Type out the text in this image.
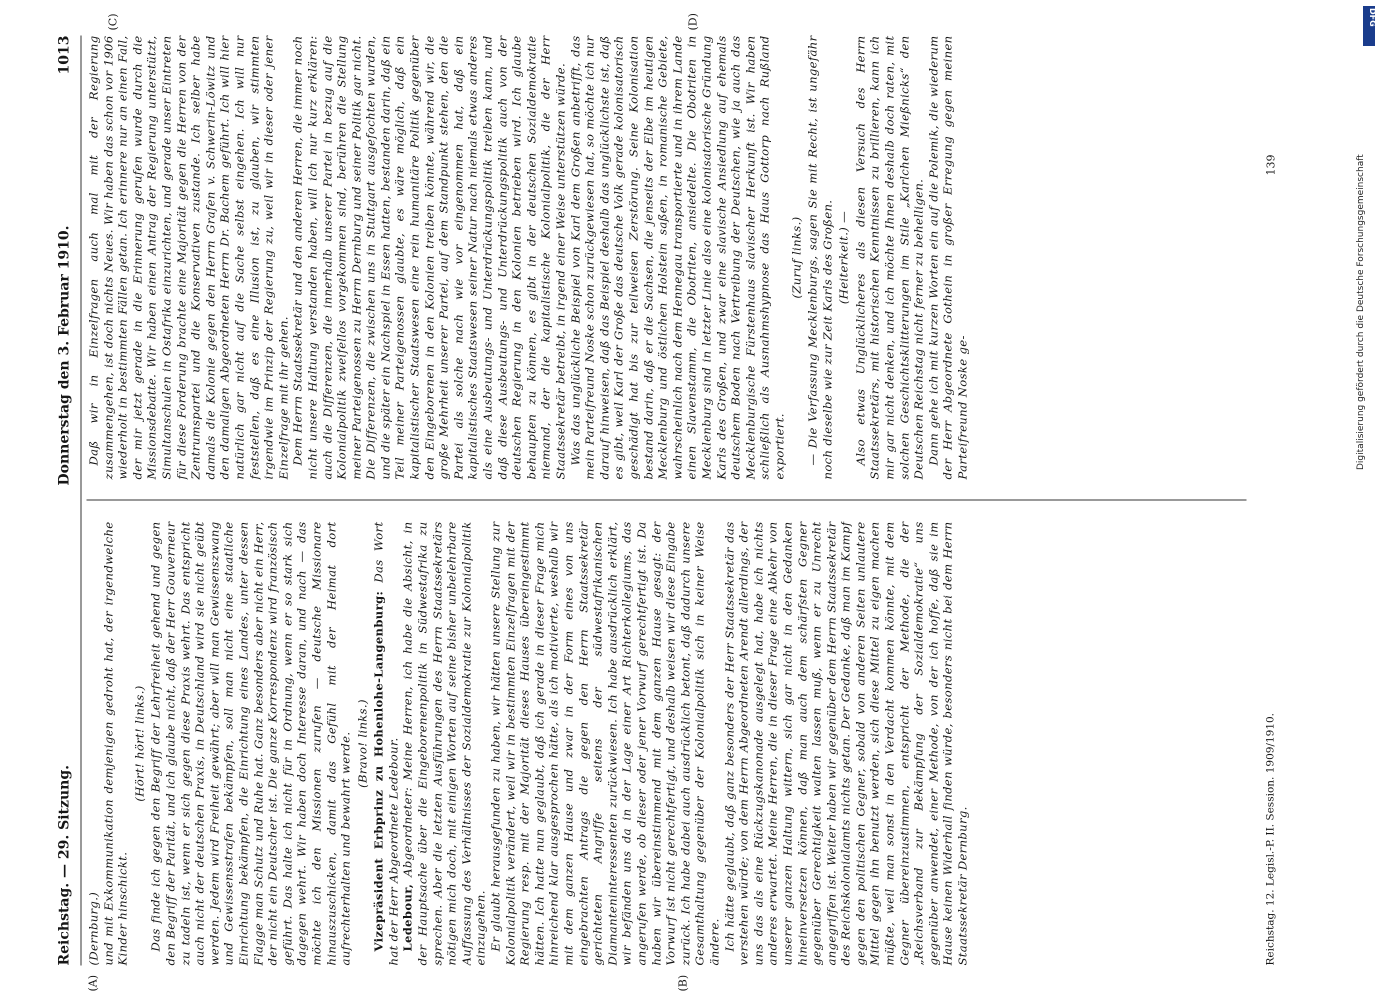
Reichstag. — 29. Sitzung.
Donnerstag den 3. Februar 1910.
1013

(Dernburg.) und mit Exkommunikation demjenigen gedroht hat, der irgendwelche Kinder hinschickt.

(Hört! hört! links.) Das finde ich gegen den Begriff der Lehrfreiheit gehend und gegen den Begriff der Parität, und ich glaube nicht, daß der Herr Gouverneur zu tadeln ist, wenn er sich gegen diese Praxis wehrt. Das entspricht auch nicht der deutschen Praxis, in Deutschland wird sie nicht geübt werden. Jedem wird Freiheit gewährt; aber will man Gewissenszwang und Gewissensstrafen bekämpfen, soll man nicht eine staatliche Einrichtung bekämpfen, die Einrichtung eines Landes, unter dessen Flagge man Schutz und Ruhe hat. Ganz besonders aber nicht ein Herr, der nicht ein Deutscher ist. Die ganze Korrespondenz wird französisch geführt. Das halte ich nicht für in Ordnung, wenn er so stark sich dagegen wehrt. Wir haben doch Interesse daran, und nach — das möchte ich den Missionen zurufen — deutsche Missionare hinauszuschicken, damit das Gefühl mit der Heimat dort aufrechterhalten und bewahrt werde. (Bravo! links.) Vizepräsident Erbprinz zu Hohenlohe-Langenburg: Das Wort hat der Herr Abgeordnete Ledebour. Ledebour, Abgeordneter: Meine Herren, ich habe die Absicht, in der Hauptsache über die Eingeborenenpolitik in Südwestafrika zu sprechen. Aber die letzten Ausführungen des Herrn Staatssekretärs nötigen mich doch, mit einigen Worten auf seine bisher unbelehrbare Auffassung des Verhältnisses der Sozialdemokratie zur Kolonialpolitik einzugehen. Er glaubt herausgefunden zu haben, wir hätten unsere Stellung zur Kolonialpolitik verändert, weil wir in bestimmten Einzelfragen mit der Regierung resp. mit der Majorität dieses Hauses übereingestimmt hätten. Ich hatte nun geglaubt, daß ich gerade in dieser Frage mich hinreichend klar ausgesprochen hätte, als ich motivierte, weshalb wir mit dem ganzen Hause und zwar in der Form eines von uns eingebrachten Antrags die gegen den Herrn Staatssekretär gerichteten Angriffe seitens der südwestafrikanischen Diamanteninteressenten zurückwiesen. Ich habe ausdrücklich erklärt, wir befänden uns da in der Lage einer Art Richterkollegiums, das angerufen werde, ob dieser oder jener Vorwurf gerechtfertigt ist. Da haben wir übereinstimmend mit dem ganzen Hause gesagt: der Vorwurf ist nicht gerechtfertigt, und deshalb weisen wir diese Eingabe zurück. Ich habe dabei auch ausdrücklich betont, daß dadurch unsere Gesamthaltung gegenüber der Kolonialpolitik sich in keiner Weise ändere. Ich hätte geglaubt, daß ganz besonders der Herr Staatssekretär das verstehen würde; von dem Herrn Abgeordneten Arendt allerdings, der uns das als eine Rückzugskanonade ausgelegt hat, habe ich nichts anderes erwartet. Meine Herren, die in dieser Frage eine Abkehr von unserer ganzen Haltung wittern, sich gar nicht in den Gedanken hineinversetzen können, daß man auch dem schärfsten Gegner gegenüber Gerechtigkeit walten lassen muß, wenn er zu Unrecht angegriffen ist. Weiter haben wir gegenüber dem Herrn Staatssekretär des Reichskolonialamts nichts getan. Der Gedanke, daß man im Kampf gegen den politischen Gegner, sobald von anderen Seiten unlautere Mittel gegen ihn benutzt werden, sich diese Mittel zu eigen machen müßte, weil man sonst in den Verdacht kommen könnte, mit dem Gegner übereinzustimmen, entspricht der Methode, die der „Reichsverband zur Bekämpfung der Sozialdemokratie“ uns gegenüber anwendet, einer Methode, von der ich hoffe, daß sie im Hause keinen Widerhall finden würde, besonders nicht bei dem Herrn Staatssekretär Dernburg.

Daß wir in Einzelfragen auch mal mit der Regierung zusammengehen, ist doch nichts Neues. Wir haben das schon vor 1906 wiederholt in bestimmten Fällen getan. Ich erinnere nur an einen Fall, der mir jetzt gerade in die Erinnerung gerufen wurde durch die Missionsdebatte. Wir haben einen Antrag der Regierung unterstützt, Simultanschulen in Ostafrika einzurichten, und gerade unser Eintreten für diese Forderung brachte eine Majorität gegen die Herren von der Zentrumspartei und die Konservativen zustande. Ich selber habe damals die Kolonie gegen den Herrn Grafen v. Schwerin-Löwitz und den damaligen Abgeordneten Herrn Dr. Bachem geführt. Ich will hier natürlich gar nicht auf die Sache selbst eingehen. Ich will nur feststellen, daß es eine Illusion ist, zu glauben, wir stimmten irgendwie im Prinzip der Regierung zu, weil wir in dieser oder jener Einzelfrage mit ihr gehen. Dem Herrn Staatssekretär und den anderen Herren, die immer noch nicht unsere Haltung verstanden haben, will ich nur kurz erklären: auch die Differenzen, die innerhalb unserer Partei in bezug auf die Kolonialpolitik zweifellos vorgekommen sind, berühren die Stellung meiner Parteigenossen zu Herrn Dernburg und seiner Politik gar nicht. Die Differenzen, die zwischen uns in Stuttgart ausgefochten wurden, und die später ein Nachspiel in Essen hatten, bestanden darin, daß ein Teil meiner Parteigenossen glaubte, es wäre möglich, daß ein kapitalistischer Staatswesen eine rein humanitäre Politik gegenüber den Eingeborenen in den Kolonien treiben könnte, während wir, die große Mehrheit unserer Partei, auf dem Standpunkt stehen, den die Partei als solche nach wie vor eingenommen hat, daß ein kapitalistisches Staatswesen seiner Natur nach niemals etwas anderes als eine Ausbeutungs- und Unterdrückungspolitik treiben kann, und daß diese Ausbeutungs- und Unterdrückungspolitik auch von der deutschen Regierung in den Kolonien betrieben wird. Ich glaube behaupten zu können, es gibt in der deutschen Sozialdemokratie niemand, der die kapitalistische Kolonialpolitik, die der Herr Staatssekretär betreibt, in irgend einer Weise unterstützen würde. Was das unglückliche Beispiel von Karl dem Großen anbetrifft, das mein Parteifreund Noske schon zurückgewiesen hat, so möchte ich nur darauf hinweisen, daß das Beispiel deshalb das unglücklichste ist, daß es gibt, weil Karl der Große das deutsche Volk gerade kolonisatorisch geschädigt hat bis zur teilweisen Zerstörung. Seine Kolonisation bestand darin, daß er die Sachsen, die jenseits der Elbe im heutigen Mecklenburg und östlichen Holstein saßen, in romanische Gebiete, wahrscheinlich nach dem Hennegau transportierte und in ihrem Lande einen Slavenstamm, die Obotriten, ansiedelte. Die Obotriten in Mecklenburg sind in letzter Linie also eine kolonisatorische Gründung Karls des Großen, und zwar eine slavische Ansiedlung auf ehemals deutschem Boden nach Vertreibung der Deutschen, wie ja auch das Mecklenburgische Fürstenhaus slavischer Herkunft ist. Wir haben schließlich als Ausnahmshypnose das Haus Gottorp nach Rußland exportiert.

(Zuruf links.) — Die Verfassung Mecklenburgs, sagen Sie mit Recht, ist ungefähr noch dieselbe wie zur Zeit Karls des Großen. (Heiterkeit.) — Also etwas Unglücklicheres als diesen Versuch des Herrn Staatssekretärs, mit historischen Kenntnissen zu brillieren, kann ich mir gar nicht denken, und ich möchte Ihnen deshalb doch raten, mit solchen Geschichtsklitterungen im Stile „Karlchen Mießnicks“ den Deutschen Reichstag nicht ferner zu behelligen. Dann gehe ich mit kurzen Worten ein auf die Polemik, die wiederum der Herr Abgeordnete Gothein in großer Erregung gegen meinen Parteifreund Noske ge-

(A)	(B)
(C)	(D)
Reichstag. 12. Legisl.-P. II. Session. 1909/1910.
139
DFG
Digitalisierung gefördert durch die Deutsche Forschungsgemeinschaft
